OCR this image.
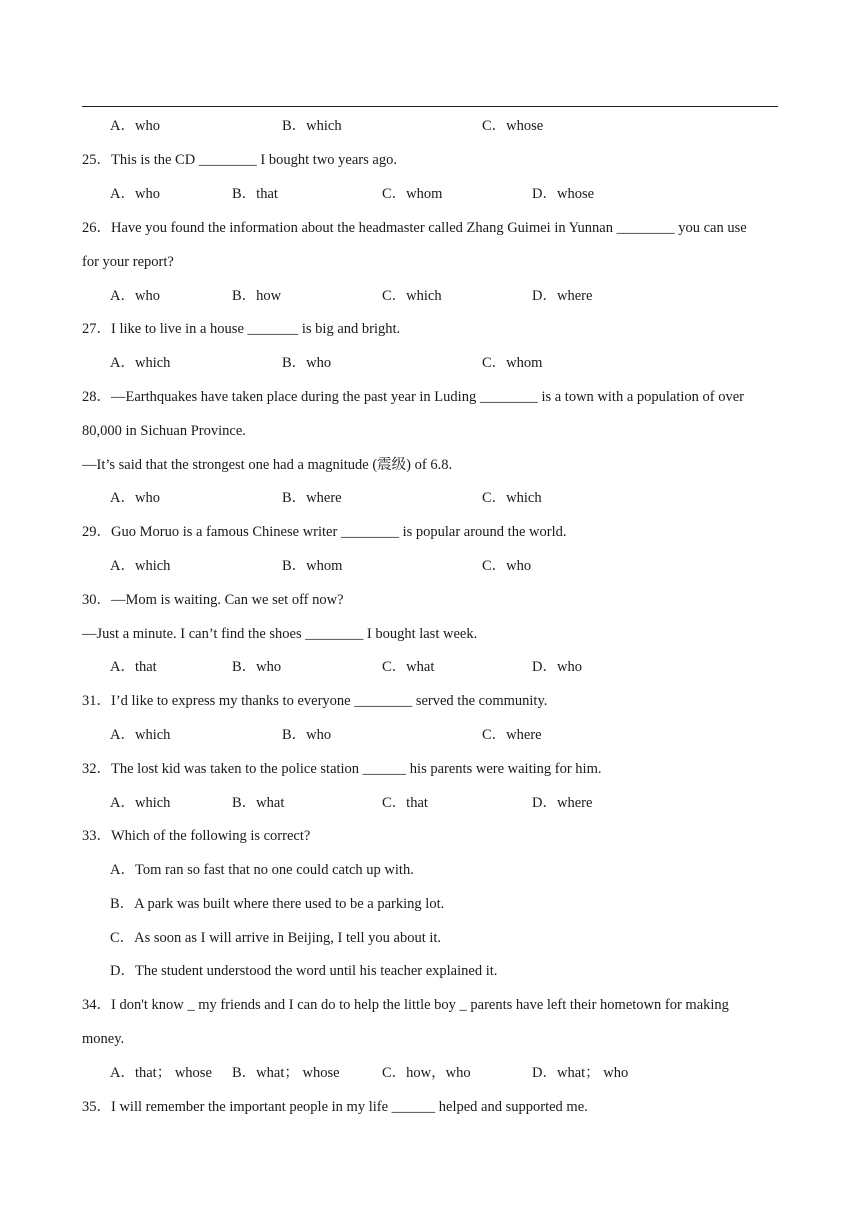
A．who	B．which	C．whose
25．This is the CD ________ I bought two years ago.
A．who	B．that	C．whom	D．whose
26．Have you found the information about the headmaster called Zhang Guimei in Yunnan ________ you can use
for your report?
A．who	B．how	C．which	D．where
27．I like to live in a house _______ is big and bright.
A．which	B．who	C．whom
28．—Earthquakes have taken place during the past year in Luding ________ is a town with a population of over
80,000 in Sichuan Province.
—It’s said that the strongest one had a magnitude (震级) of 6.8.
A．who	B．where	C．which
29．Guo Moruo is a famous Chinese writer ________ is popular around the world.
A．which	B．whom	C．who
30．—Mom is waiting. Can we set off now?
—Just a minute. I can’t find the shoes ________ I bought last week.
A．that	B．who	C．what	D．who
31．I’d like to express my thanks to everyone ________ served the community.
A．which	B．who	C．where
32．The lost kid was taken to the police station ______ his parents were waiting for him.
A．which	B．what	C．that	D．where
33．Which of the following is correct?
A．Tom ran so fast that no one could catch up with.
B．A park was built where there used to be a parking lot.
C．As soon as I will arrive in Beijing, I tell you about it.
D．The student understood the word until his teacher explained it.
34．I don't know _ my friends and I can do to help the little boy _ parents have left their hometown for making
money.
A．that； whose B．what； whose	C．how，who	D．what； who
35．I will remember the important people in my life ______ helped and supported me.
